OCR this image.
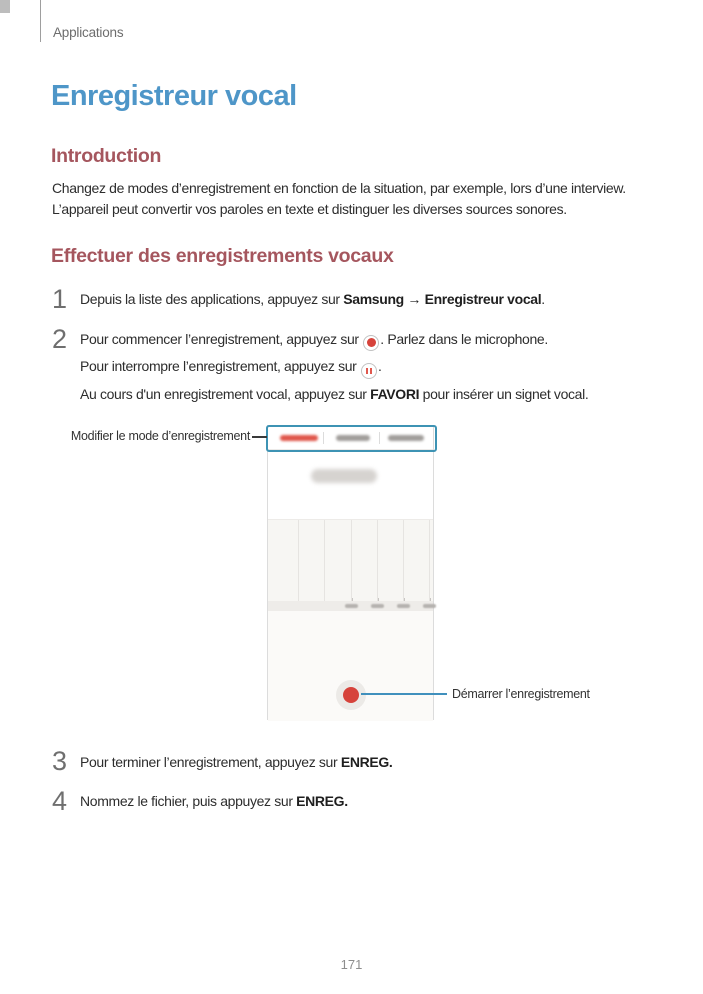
Applications
Enregistreur vocal
Introduction
Changez de modes d’enregistrement en fonction de la situation, par exemple, lors d’une interview.
L’appareil peut convertir vos paroles en texte et distinguer les diverses sources sonores.
Effectuer des enregistrements vocaux
1 Depuis la liste des applications, appuyez sur Samsung → Enregistreur vocal.
2 Pour commencer l’enregistrement, appuyez sur
. Parlez dans le microphone.
Pour interrompre l’enregistrement, appuyez sur
.
Au cours d'un enregistrement vocal, appuyez sur FAVORI pour insérer un signet vocal.
Modifier le mode d’enregistrement
Démarrer l’enregistrement
3 Pour terminer l’enregistrement, appuyez sur ENREG.
4 Nommez le fichier, puis appuyez sur ENREG.
171
